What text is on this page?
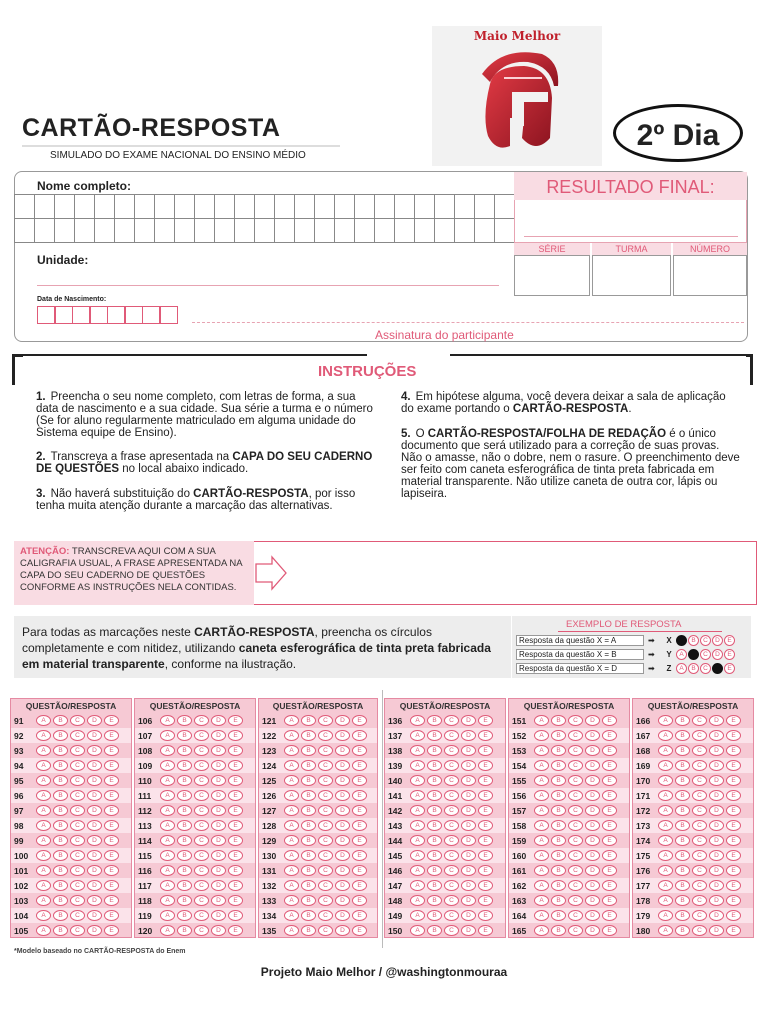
Maio Melhor
CARTÃO-RESPOSTA
SIMULADO DO EXAME NACIONAL DO ENSINO MÉDIO
2º Dia
Nome completo:
Unidade:
Data de Nascimento:
Assinatura do participante
RESULTADO FINAL:
SÉRIE	TURMA	NÚMERO
INSTRUÇÕES
1. Preencha o seu nome completo, com letras de forma, a sua data de nascimento e a sua cidade. Sua série a turma e o número (Se for aluno regularmente matriculado em alguma unidade do Sistema equipe de Ensino).
2. Transcreva a frase apresentada na CAPA DO SEU CADERNO DE QUESTÕES no local abaixo indicado.
3. Não haverá substituição do CARTÃO-RESPOSTA, por isso tenha muita atenção durante a marcação das alternativas.
4. Em hipótese alguma, você devera deixar a sala de aplicação do exame portando o CARTÃO-RESPOSTA.
5. O CARTÃO-RESPOSTA/FOLHA DE REDAÇÃO é o único documento que será utilizado para a correção de suas provas. Não o amasse, não o dobre, nem o rasure. O preenchimento deve ser feito com caneta esferográfica de tinta preta fabricada em material transparente. Não utilize caneta de outra cor, lápis ou lapiseira.
ATENÇÃO: TRANSCREVA AQUI COM A SUA CALIGRAFIA USUAL, A FRASE APRESENTADA NA CAPA DO SEU CADERNO DE QUESTÕES CONFORME AS INSTRUÇÕES NELA CONTIDAS.
Para todas as marcações neste CARTÃO-RESPOSTA, preencha os círculos completamente e com nitidez, utilizando caneta esferográfica de tinta preta fabricada em material transparente, conforme na ilustração.
EXEMPLO DE RESPOSTA
Resposta da questão X = A	➡	X	B	C	D	E
Resposta da questão X = B	➡	Y	A	C	D	E
Resposta da questão X = D	➡	Z	A	B	C	E
QUESTÃO/RESPOSTA
91	A	B	C	D	E
92	A	B	C	D	E
93	A	B	C	D	E
94	A	B	C	D	E
95	A	B	C	D	E
96	A	B	C	D	E
97	A	B	C	D	E
98	A	B	C	D	E
99	A	B	C	D	E
100	A	B	C	D	E
101	A	B	C	D	E
102	A	B	C	D	E
103	A	B	C	D	E
104	A	B	C	D	E
105	A	B	C	D	E
QUESTÃO/RESPOSTA
106	A	B	C	D	E
107	A	B	C	D	E
108	A	B	C	D	E
109	A	B	C	D	E
110	A	B	C	D	E
111	A	B	C	D	E
112	A	B	C	D	E
113	A	B	C	D	E
114	A	B	C	D	E
115	A	B	C	D	E
116	A	B	C	D	E
117	A	B	C	D	E
118	A	B	C	D	E
119	A	B	C	D	E
120	A	B	C	D	E
QUESTÃO/RESPOSTA
121	A	B	C	D	E
122	A	B	C	D	E
123	A	B	C	D	E
124	A	B	C	D	E
125	A	B	C	D	E
126	A	B	C	D	E
127	A	B	C	D	E
128	A	B	C	D	E
129	A	B	C	D	E
130	A	B	C	D	E
131	A	B	C	D	E
132	A	B	C	D	E
133	A	B	C	D	E
134	A	B	C	D	E
135	A	B	C	D	E
QUESTÃO/RESPOSTA
136	A	B	C	D	E
137	A	B	C	D	E
138	A	B	C	D	E
139	A	B	C	D	E
140	A	B	C	D	E
141	A	B	C	D	E
142	A	B	C	D	E
143	A	B	C	D	E
144	A	B	C	D	E
145	A	B	C	D	E
146	A	B	C	D	E
147	A	B	C	D	E
148	A	B	C	D	E
149	A	B	C	D	E
150	A	B	C	D	E
QUESTÃO/RESPOSTA
151	A	B	C	D	E
152	A	B	C	D	E
153	A	B	C	D	E
154	A	B	C	D	E
155	A	B	C	D	E
156	A	B	C	D	E
157	A	B	C	D	E
158	A	B	C	D	E
159	A	B	C	D	E
160	A	B	C	D	E
161	A	B	C	D	E
162	A	B	C	D	E
163	A	B	C	D	E
164	A	B	C	D	E
165	A	B	C	D	E
QUESTÃO/RESPOSTA
166	A	B	C	D	E
167	A	B	C	D	E
168	A	B	C	D	E
169	A	B	C	D	E
170	A	B	C	D	E
171	A	B	C	D	E
172	A	B	C	D	E
173	A	B	C	D	E
174	A	B	C	D	E
175	A	B	C	D	E
176	A	B	C	D	E
177	A	B	C	D	E
178	A	B	C	D	E
179	A	B	C	D	E
180	A	B	C	D	E
*Modelo baseado no CARTÃO-RESPOSTA do Enem
Projeto Maio Melhor / @washingtonmouraa
